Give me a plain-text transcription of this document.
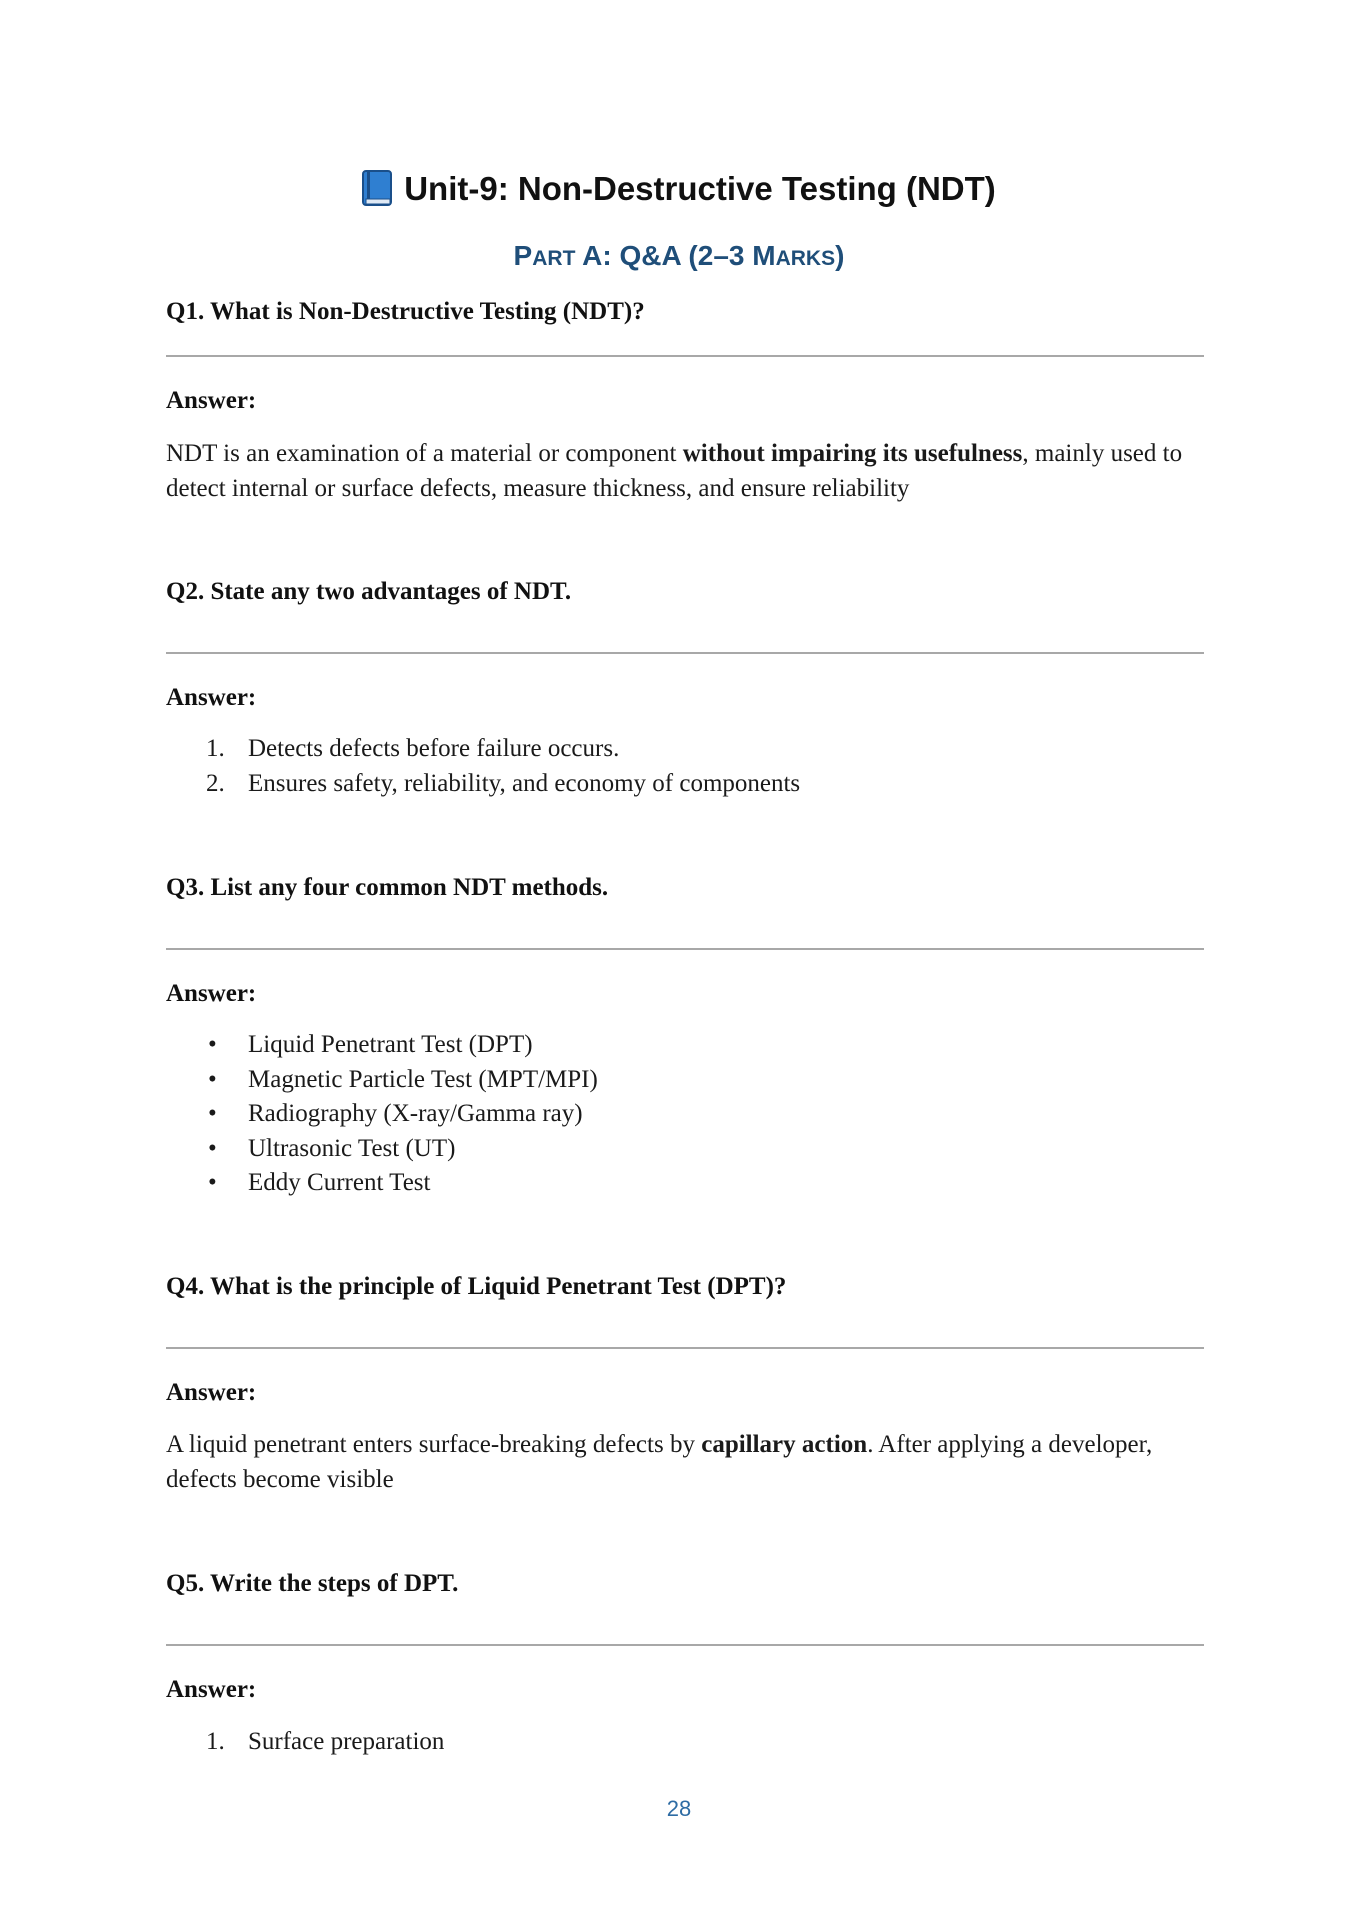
Unit-9: Non-Destructive Testing (NDT)
PART A: Q&A (2–3 MARKS)
Q1. What is Non-Destructive Testing (NDT)?
Answer:
NDT is an examination of a material or component without impairing its usefulness, mainly used to detect internal or surface defects, measure thickness, and ensure reliability
Q2. State any two advantages of NDT.
Answer:
1. Detects defects before failure occurs.
2. Ensures safety, reliability, and economy of components
Q3. List any four common NDT methods.
Answer:
•	Liquid Penetrant Test (DPT)
•	Magnetic Particle Test (MPT/MPI)
•	Radiography (X-ray/Gamma ray)
•	Ultrasonic Test (UT)
•	Eddy Current Test
Q4. What is the principle of Liquid Penetrant Test (DPT)?
Answer:
A liquid penetrant enters surface-breaking defects by capillary action. After applying a developer, defects become visible
Q5. Write the steps of DPT.
Answer:
1. Surface preparation
28
